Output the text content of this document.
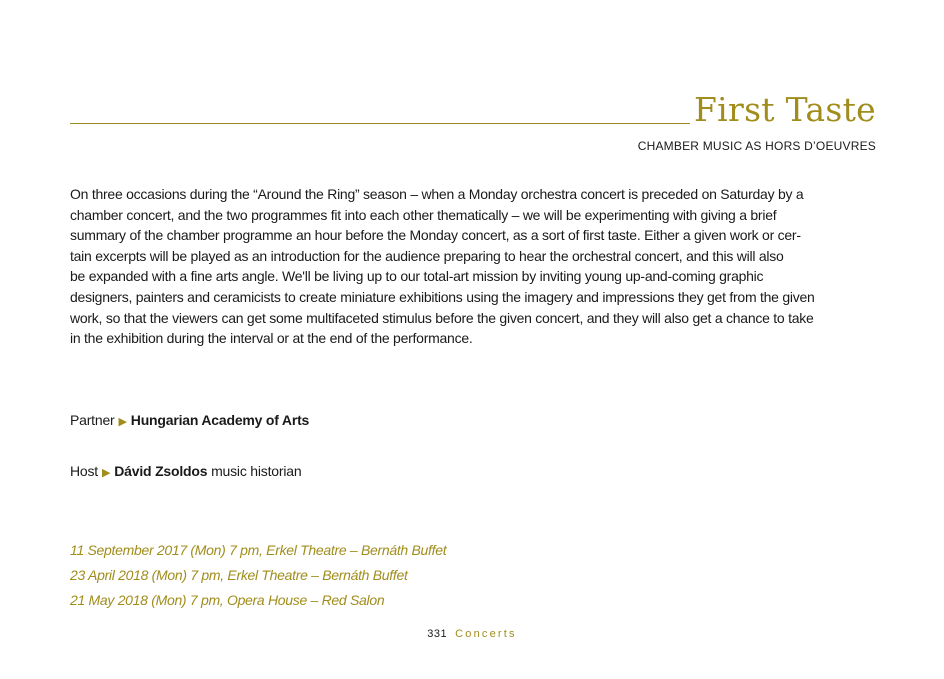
First Taste
CHAMBER MUSIC AS HORS D’OEUVRES
On three occasions during the “Around the Ring” season – when a Monday orchestra concert is preceded on Saturday by a
chamber concert, and the two programmes fit into each other thematically – we will be experimenting with giving a brief
summary of the chamber programme an hour before the Monday concert, as a sort of first taste. Either a given work or cer-
tain excerpts will be played as an introduction for the audience preparing to hear the orchestral concert, and this will also
be expanded with a fine arts angle. We'll be living up to our total-art mission by inviting young up-and-coming graphic
designers, painters and ceramicists to create miniature exhibitions using the imagery and impressions they get from the given
work, so that the viewers can get some multifaceted stimulus before the given concert, and they will also get a chance to take
in the exhibition during the interval or at the end of the performance.
Partner ▶ Hungarian Academy of Arts
Host ▶ Dávid Zsoldos music historian
11 September 2017 (Mon) 7 pm, Erkel Theatre – Bernáth Buffet
23 April 2018 (Mon) 7 pm, Erkel Theatre – Bernáth Buffet
21 May 2018 (Mon) 7 pm, Opera House – Red Salon
331 Concerts
